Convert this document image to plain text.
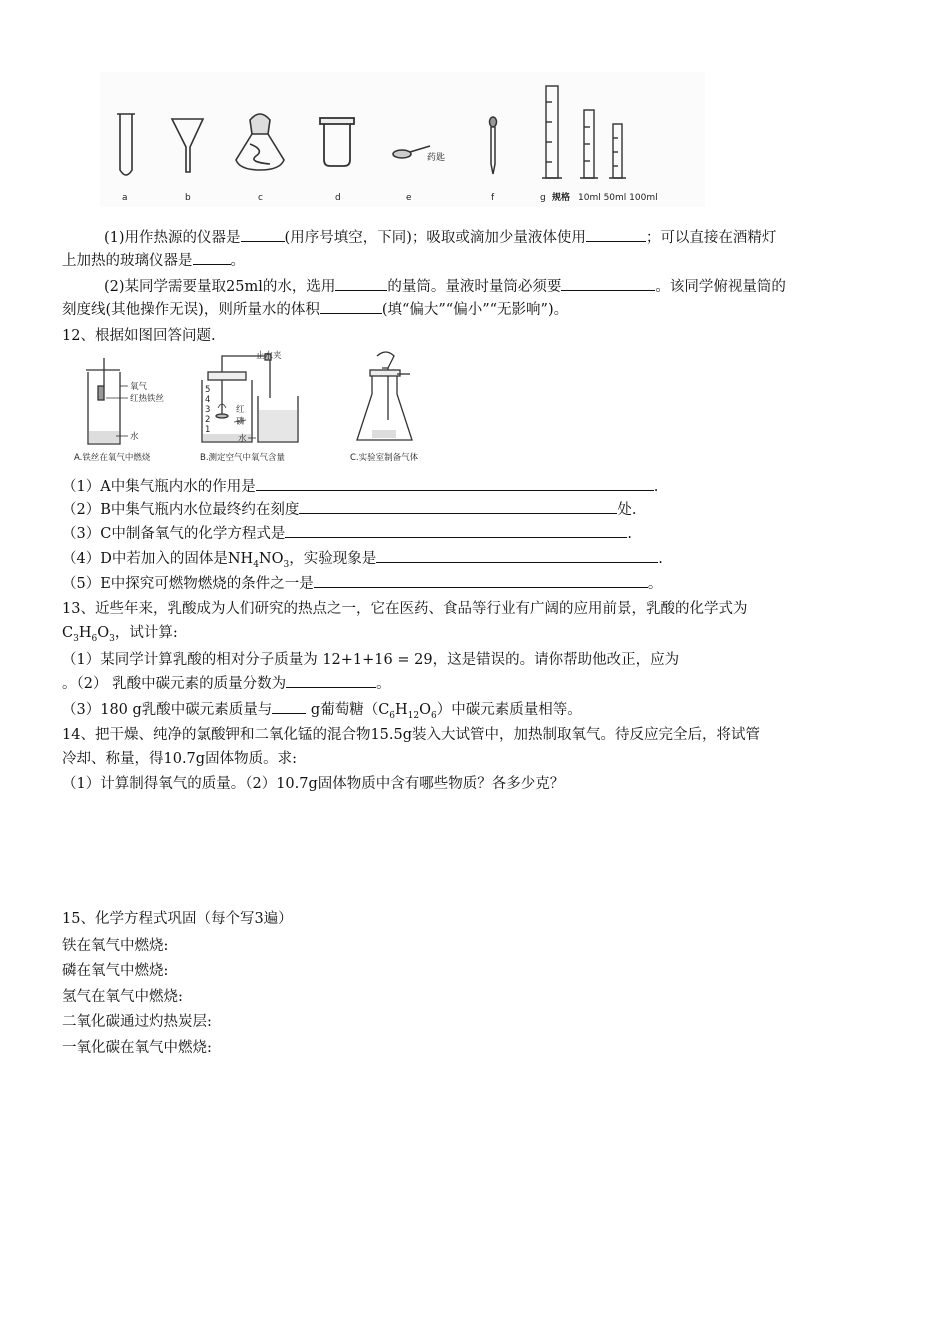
药匙
a	b	c	d	e	f	g 规格 10ml 50ml 100ml
(1)用作热源的仪器是	(用序号填空，下同)；吸取或滴加少量液体使用	；可以直接在酒精灯
上加热的玻璃仪器是	。
(2)某同学需要量取25ml的水，选用	的量筒。量液时量筒必须要	。该同学俯视量筒的
刻度线(其他操作无误)，则所量水的体积	(填“偏大”“偏小”“无影响”)。
12、根据如图回答问题.
氧气
红热铁丝
水
A.铁丝在氧气中燃烧
止水夹
红
磷
水
5
4
3
2
1
B.测定空气中氧气含量	C.实验室制备气体
（1）A中集气瓶内水的作用是	.
（2）B中集气瓶内水位最终约在刻度	处.
（3）C中制备氧气的化学方程式是	.
（4）D中若加入的固体是$NH_4NO_3$，实验现象是	.
（5）E中探究可燃物燃烧的条件之一是	。
13、近些年来，乳酸成为人们研究的热点之一，它在医药、食品等行业有广阔的应用前景，乳酸的化学式为
$C_3H_6O_3$，试计算:
（1）某同学计算乳酸的相对分子质量为 12+1+16 = 29，这是错误的。请你帮助他改正，应为
。（2） 乳酸中碳元素的质量分数为	。
（3）180 g乳酸中碳元素质量与 g葡萄糖$(C_6H_{12}O_6)$中碳元素质量相等。
14、把干燥、纯净的氯酸钾和二氧化锰的混合物15.5g装入大试管中，加热制取氧气。待反应完全后，将试管
冷却、称量，得10.7g固体物质。求:
（1）计算制得氧气的质量。（2）10.7g固体物质中含有哪些物质？各多少克？
15、化学方程式巩固（每个写3遍）
铁在氧气中燃烧:
磷在氧气中燃烧:
氢气在氧气中燃烧:
二氧化碳通过灼热炭层:
一氧化碳在氧气中燃烧:
